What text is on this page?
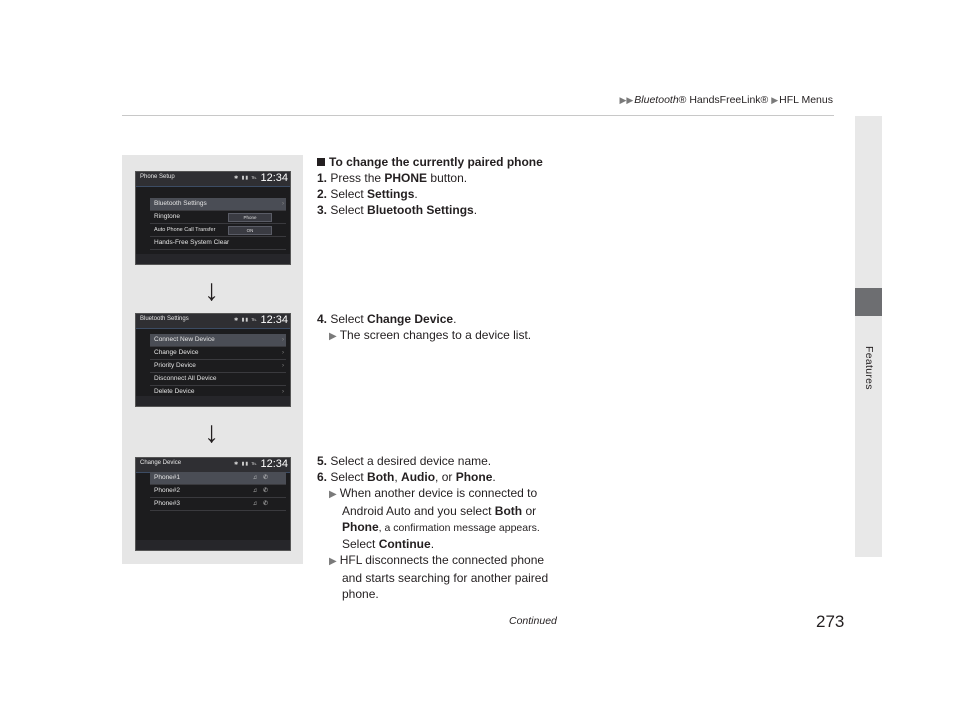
▶▶Bluetooth® HandsFreeLink® ▶HFL Menus
Features
Phone Setup	✱ ▮▮ ℡ 12:34
Bluetooth Settings	›
Ringtone	Phone
Auto Phone Call Transfer	ON
Hands-Free System Clear
↓
Bluetooth Settings	✱ ▮▮ ℡ 12:34
Connect New Device	›
Change Device	›
Priority Device	›
Disconnect All Device
Delete Device	›
↓
Change Device	✱ ▮▮ ℡ 12:34
Phone#1	♫ ✆
Phone#2	♫ ✆
Phone#3	♫ ✆
To change the currently paired phone
1. Press the PHONE button.
2. Select Settings.
3. Select Bluetooth Settings.
4. Select Change Device.
▶ The screen changes to a device list.
5. Select a desired device name.
6. Select Both, Audio, or Phone.
▶ When another device is connected to
Android Auto and you select Both or
Phone, a confirmation message appears.
Select Continue.
▶ HFL disconnects the connected phone
and starts searching for another paired
phone.
Continued	273
